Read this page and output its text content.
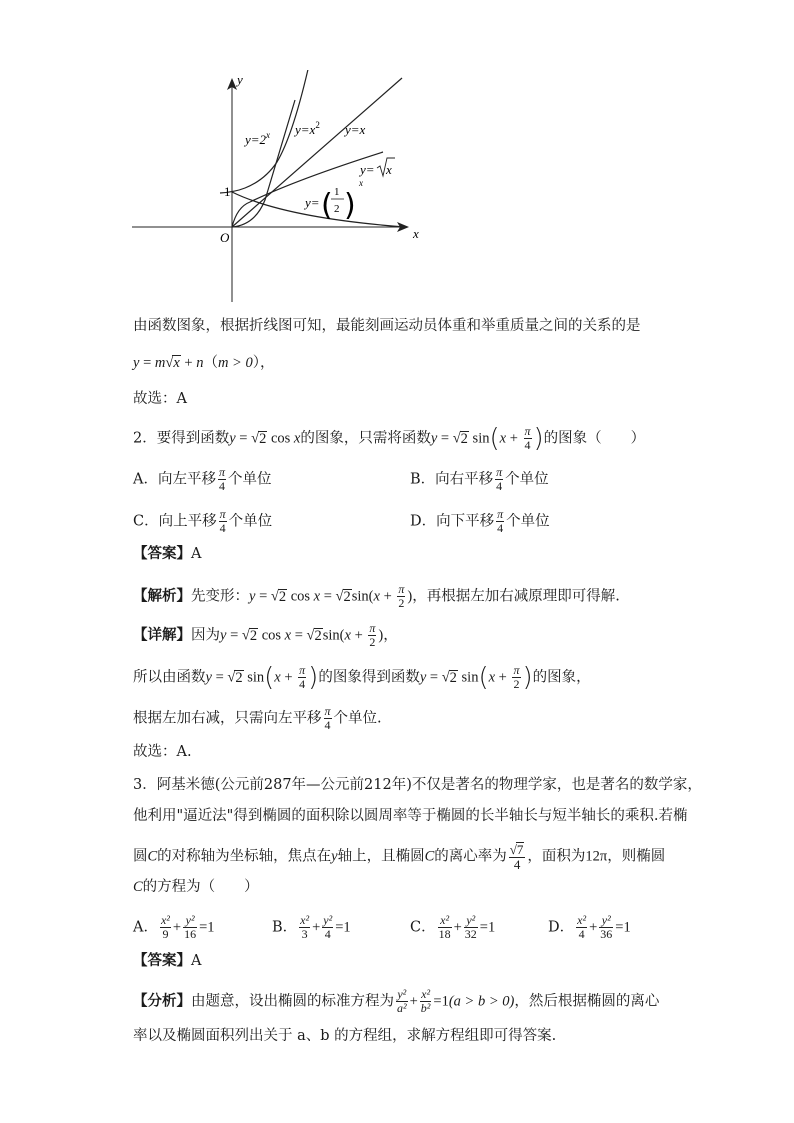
y
x
O
1
$y=2^x$ $y=x^2$ y=x
y= x
y= ( 1
2 )
x
由函数图象，根据折线图可知，最能刻画运动员体重和举重质量之间的关系的是
y = m√x + n（m > 0），
故选：A
2．要得到函数y = √2 cos x的图象，只需将函数y = √2 $\sin(x + \frac{\pi}{4}$ )的图象（　　）
A．向左平移 $\frac{\pi}{4}$ 个单位	B．向右平移 $\frac{\pi}{4}$ 个单位
C．向上平移 $\frac{\pi}{4}$ 个单位	D．向下平移 $\frac{\pi}{4}$ 个单位
【答案】A
【解析】先变形：y = √2 $\cos x = √2\sin(x + \frac{\pi}{2}$ )，再根据左加右减原理即可得解.
【详解】因为y = √2 $\cos x = √2\sin(x + \frac{\pi}{2}$ )，
所以由函数y = √2 $\sin(x + \frac{\pi}{4}$ )的图象得到函数y = √2 $\sin(x + \frac{\pi}{2}$ )的图象，
根据左加右减，只需向左平移 $\frac{\pi}{4}$ 个单位.
故选：A.
3．阿基米德(公元前287年—公元前212年)不仅是著名的物理学家，也是著名的数学家，
他利用"逼近法"得到椭圆的面积除以圆周率等于椭圆的长半轴长与短半轴长的乘积.若椭
圆C的对称轴为坐标轴，焦点在y轴上，且椭圆C的离心率为 $\frac{√7}{4}$ ，面积为12π，则椭圆
C的方程为（　　）
A． $\frac{\text{x²}}{9} + \frac{\text{y²}}{16} =1$	B． $\frac{\text{x²}}{3} + \frac{\text{y²}}{4} =1$	C． $\frac{\text{x²}}{18} + \frac{\text{y²}}{32} =1$	D． $\frac{\text{x²}}{4} + \frac{\text{y²}}{36} =1$
【答案】A
【分析】由题意，设出椭圆的标准方程为 $\frac{\text{y²}}{\text{a²}} + \frac{\text{x²}}{\text{b²}} =1(a > b > 0)$，然后根据椭圆的离心
率以及椭圆面积列出关于 a、b 的方程组，求解方程组即可得答案.
